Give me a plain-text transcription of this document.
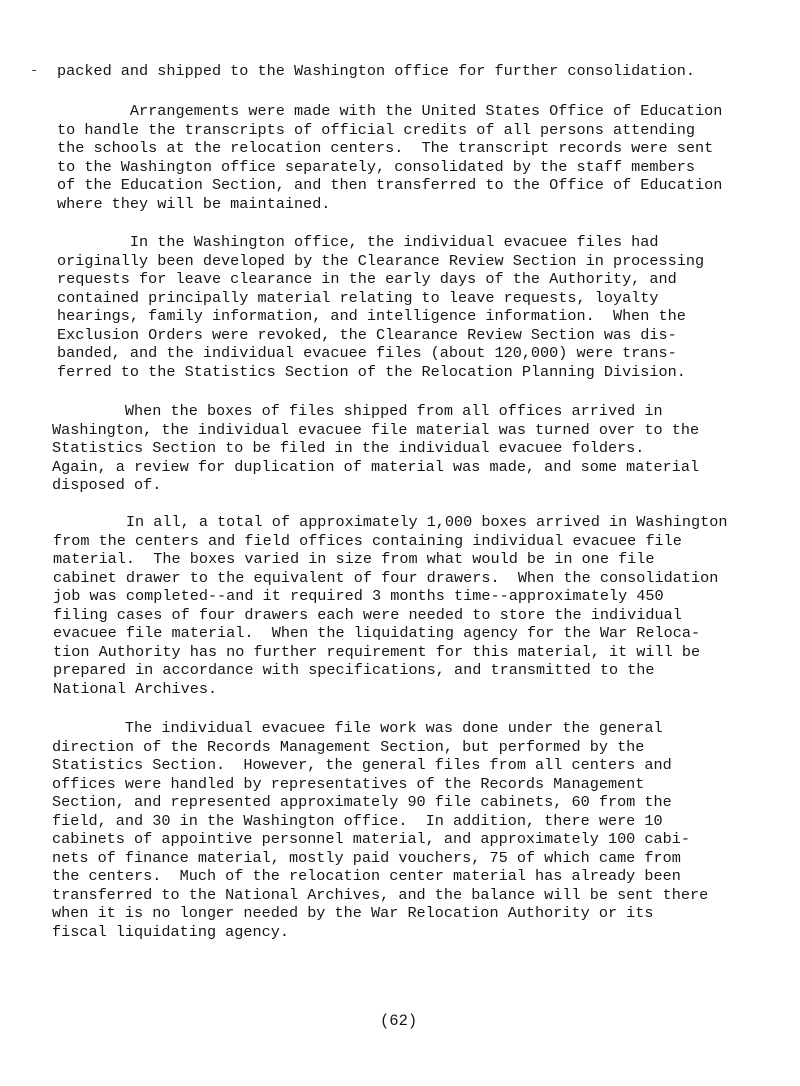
- packed and shipped to the Washington office for further consolidation.
Arrangements were made with the United States Office of Education
to handle the transcripts of official credits of all persons attending
the schools at the relocation centers.  The transcript records were sent
to the Washington office separately, consolidated by the staff members
of the Education Section, and then transferred to the Office of Education
where they will be maintained.
In the Washington office, the individual evacuee files had
originally been developed by the Clearance Review Section in processing
requests for leave clearance in the early days of the Authority, and
contained principally material relating to leave requests, loyalty
hearings, family information, and intelligence information.  When the
Exclusion Orders were revoked, the Clearance Review Section was dis-
banded, and the individual evacuee files (about 120,000) were trans-
ferred to the Statistics Section of the Relocation Planning Division.
When the boxes of files shipped from all offices arrived in
Washington, the individual evacuee file material was turned over to the
Statistics Section to be filed in the individual evacuee folders.
Again, a review for duplication of material was made, and some material
disposed of.
In all, a total of approximately 1,000 boxes arrived in Washington
from the centers and field offices containing individual evacuee file
material.  The boxes varied in size from what would be in one file
cabinet drawer to the equivalent of four drawers.  When the consolidation
job was completed--and it required 3 months time--approximately 450
filing cases of four drawers each were needed to store the individual
evacuee file material.  When the liquidating agency for the War Reloca-
tion Authority has no further requirement for this material, it will be
prepared in accordance with specifications, and transmitted to the
National Archives.
The individual evacuee file work was done under the general
direction of the Records Management Section, but performed by the
Statistics Section.  However, the general files from all centers and
offices were handled by representatives of the Records Management
Section, and represented approximately 90 file cabinets, 60 from the
field, and 30 in the Washington office.  In addition, there were 10
cabinets of appointive personnel material, and approximately 100 cabi-
nets of finance material, mostly paid vouchers, 75 of which came from
the centers.  Much of the relocation center material has already been
transferred to the National Archives, and the balance will be sent there
when it is no longer needed by the War Relocation Authority or its
fiscal liquidating agency.
(62)
